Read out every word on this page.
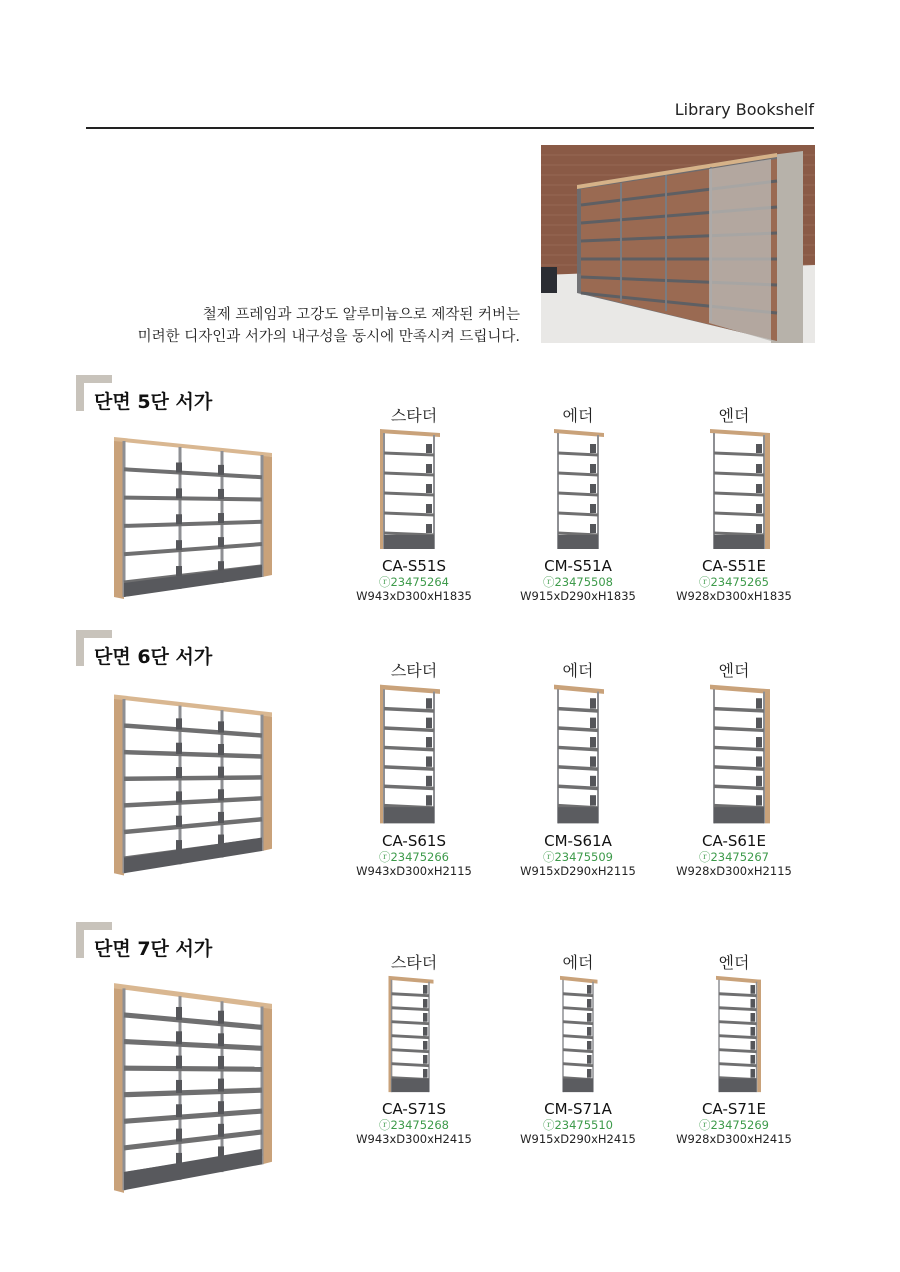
Library Bookshelf
철제 프레임과 고강도 알루미늄으로 제작된 커버는
미려한 디자인과 서가의 내구성을 동시에 만족시켜 드립니다.
단면 5단 서가
스타더
CA-S51S
ⓡ23475264
W943xD300xH1835
에더
CM-S51A
ⓡ23475508
W915xD290xH1835
엔더
CA-S51E
ⓡ23475265
W928xD300xH1835
단면 6단 서가
스타더
CA-S61S
ⓡ23475266
W943xD300xH2115
에더
CM-S61A
ⓡ23475509
W915xD290xH2115
엔더
CA-S61E
ⓡ23475267
W928xD300xH2115
단면 7단 서가
스타더
CA-S71S
ⓡ23475268
W943xD300xH2415
에더
CM-S71A
ⓡ23475510
W915xD290xH2415
엔더
CA-S71E
ⓡ23475269
W928xD300xH2415
